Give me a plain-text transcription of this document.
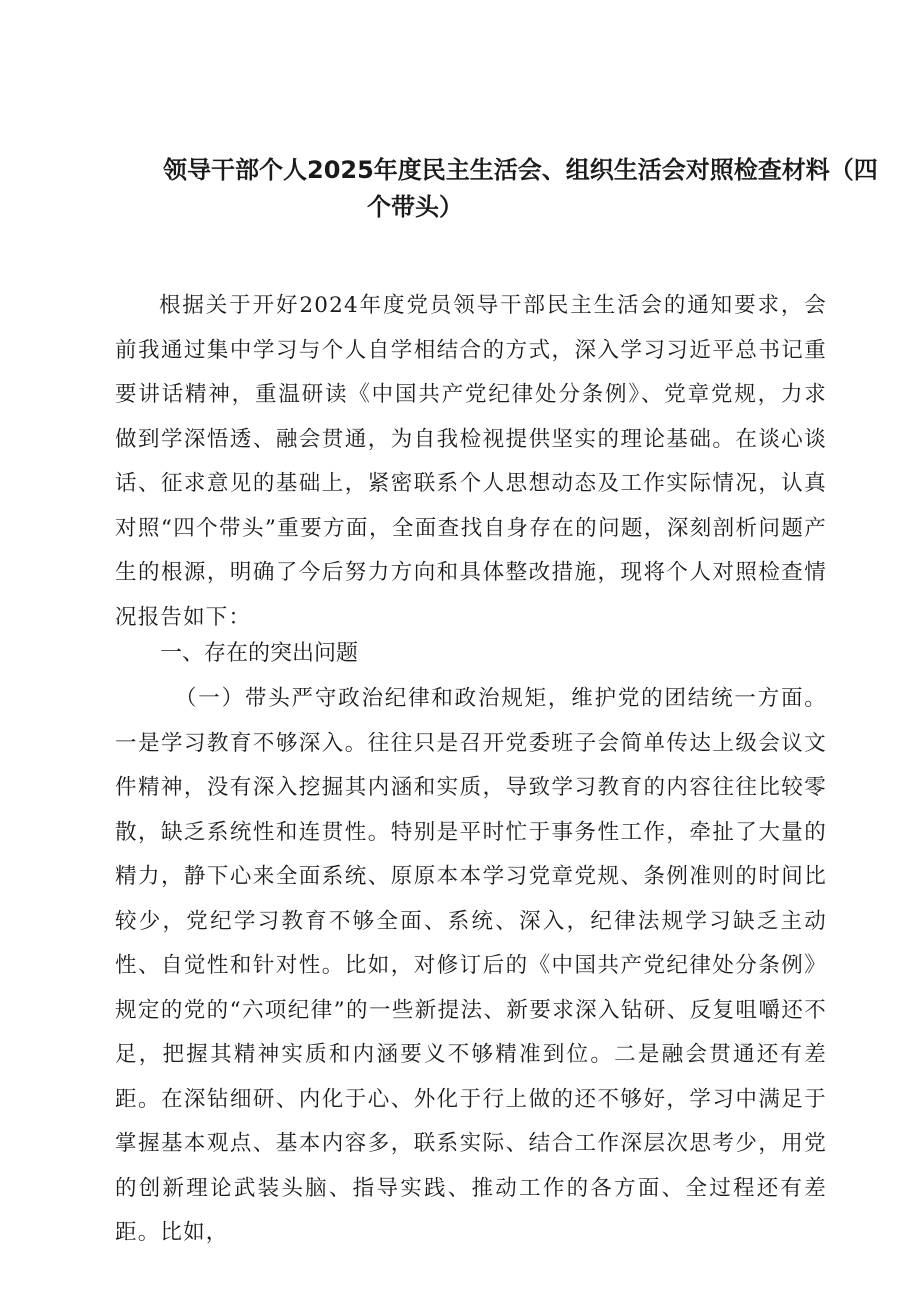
领导干部个人2025年度民主生活会、组织生活会对照检查材料（四
个带头）
根据关于开好2024年度党员领导干部民主生活会的通知要求，会前我通过集中学习与个人自学相结合的方式，深入学习习近平总书记重要讲话精神，重温研读《中国共产党纪律处分条例》、党章党规，力求做到学深悟透、融会贯通，为自我检视提供坚实的理论基础。在谈心谈话、征求意见的基础上，紧密联系个人思想动态及工作实际情况，认真对照“四个带头”重要方面，全面查找自身存在的问题，深刻剖析问题产生的根源，明确了今后努力方向和具体整改措施，现将个人对照检查情况报告如下：
一、存在的突出问题
（一）带头严守政治纪律和政治规矩，维护党的团结统一方面。一是学习教育不够深入。往往只是召开党委班子会简单传达上级会议文件精神，没有深入挖掘其内涵和实质，导致学习教育的内容往往比较零散，缺乏系统性和连贯性。特别是平时忙于事务性工作，牵扯了大量的精力，静下心来全面系统、原原本本学习党章党规、条例准则的时间比较少，党纪学习教育不够全面、系统、深入，纪律法规学习缺乏主动性、自觉性和针对性。比如，对修订后的《中国共产党纪律处分条例》规定的党的“六项纪律”的一些新提法、新要求深入钻研、反复咀嚼还不足，把握其精神实质和内涵要义不够精准到位。二是融会贯通还有差距。在深钻细研、内化于心、外化于行上做的还不够好，学习中满足于掌握基本观点、基本内容多，联系实际、结合工作深层次思考少，用党的创新理论武装头脑、指导实践、推动工作的各方面、全过程还有差距。比如，
